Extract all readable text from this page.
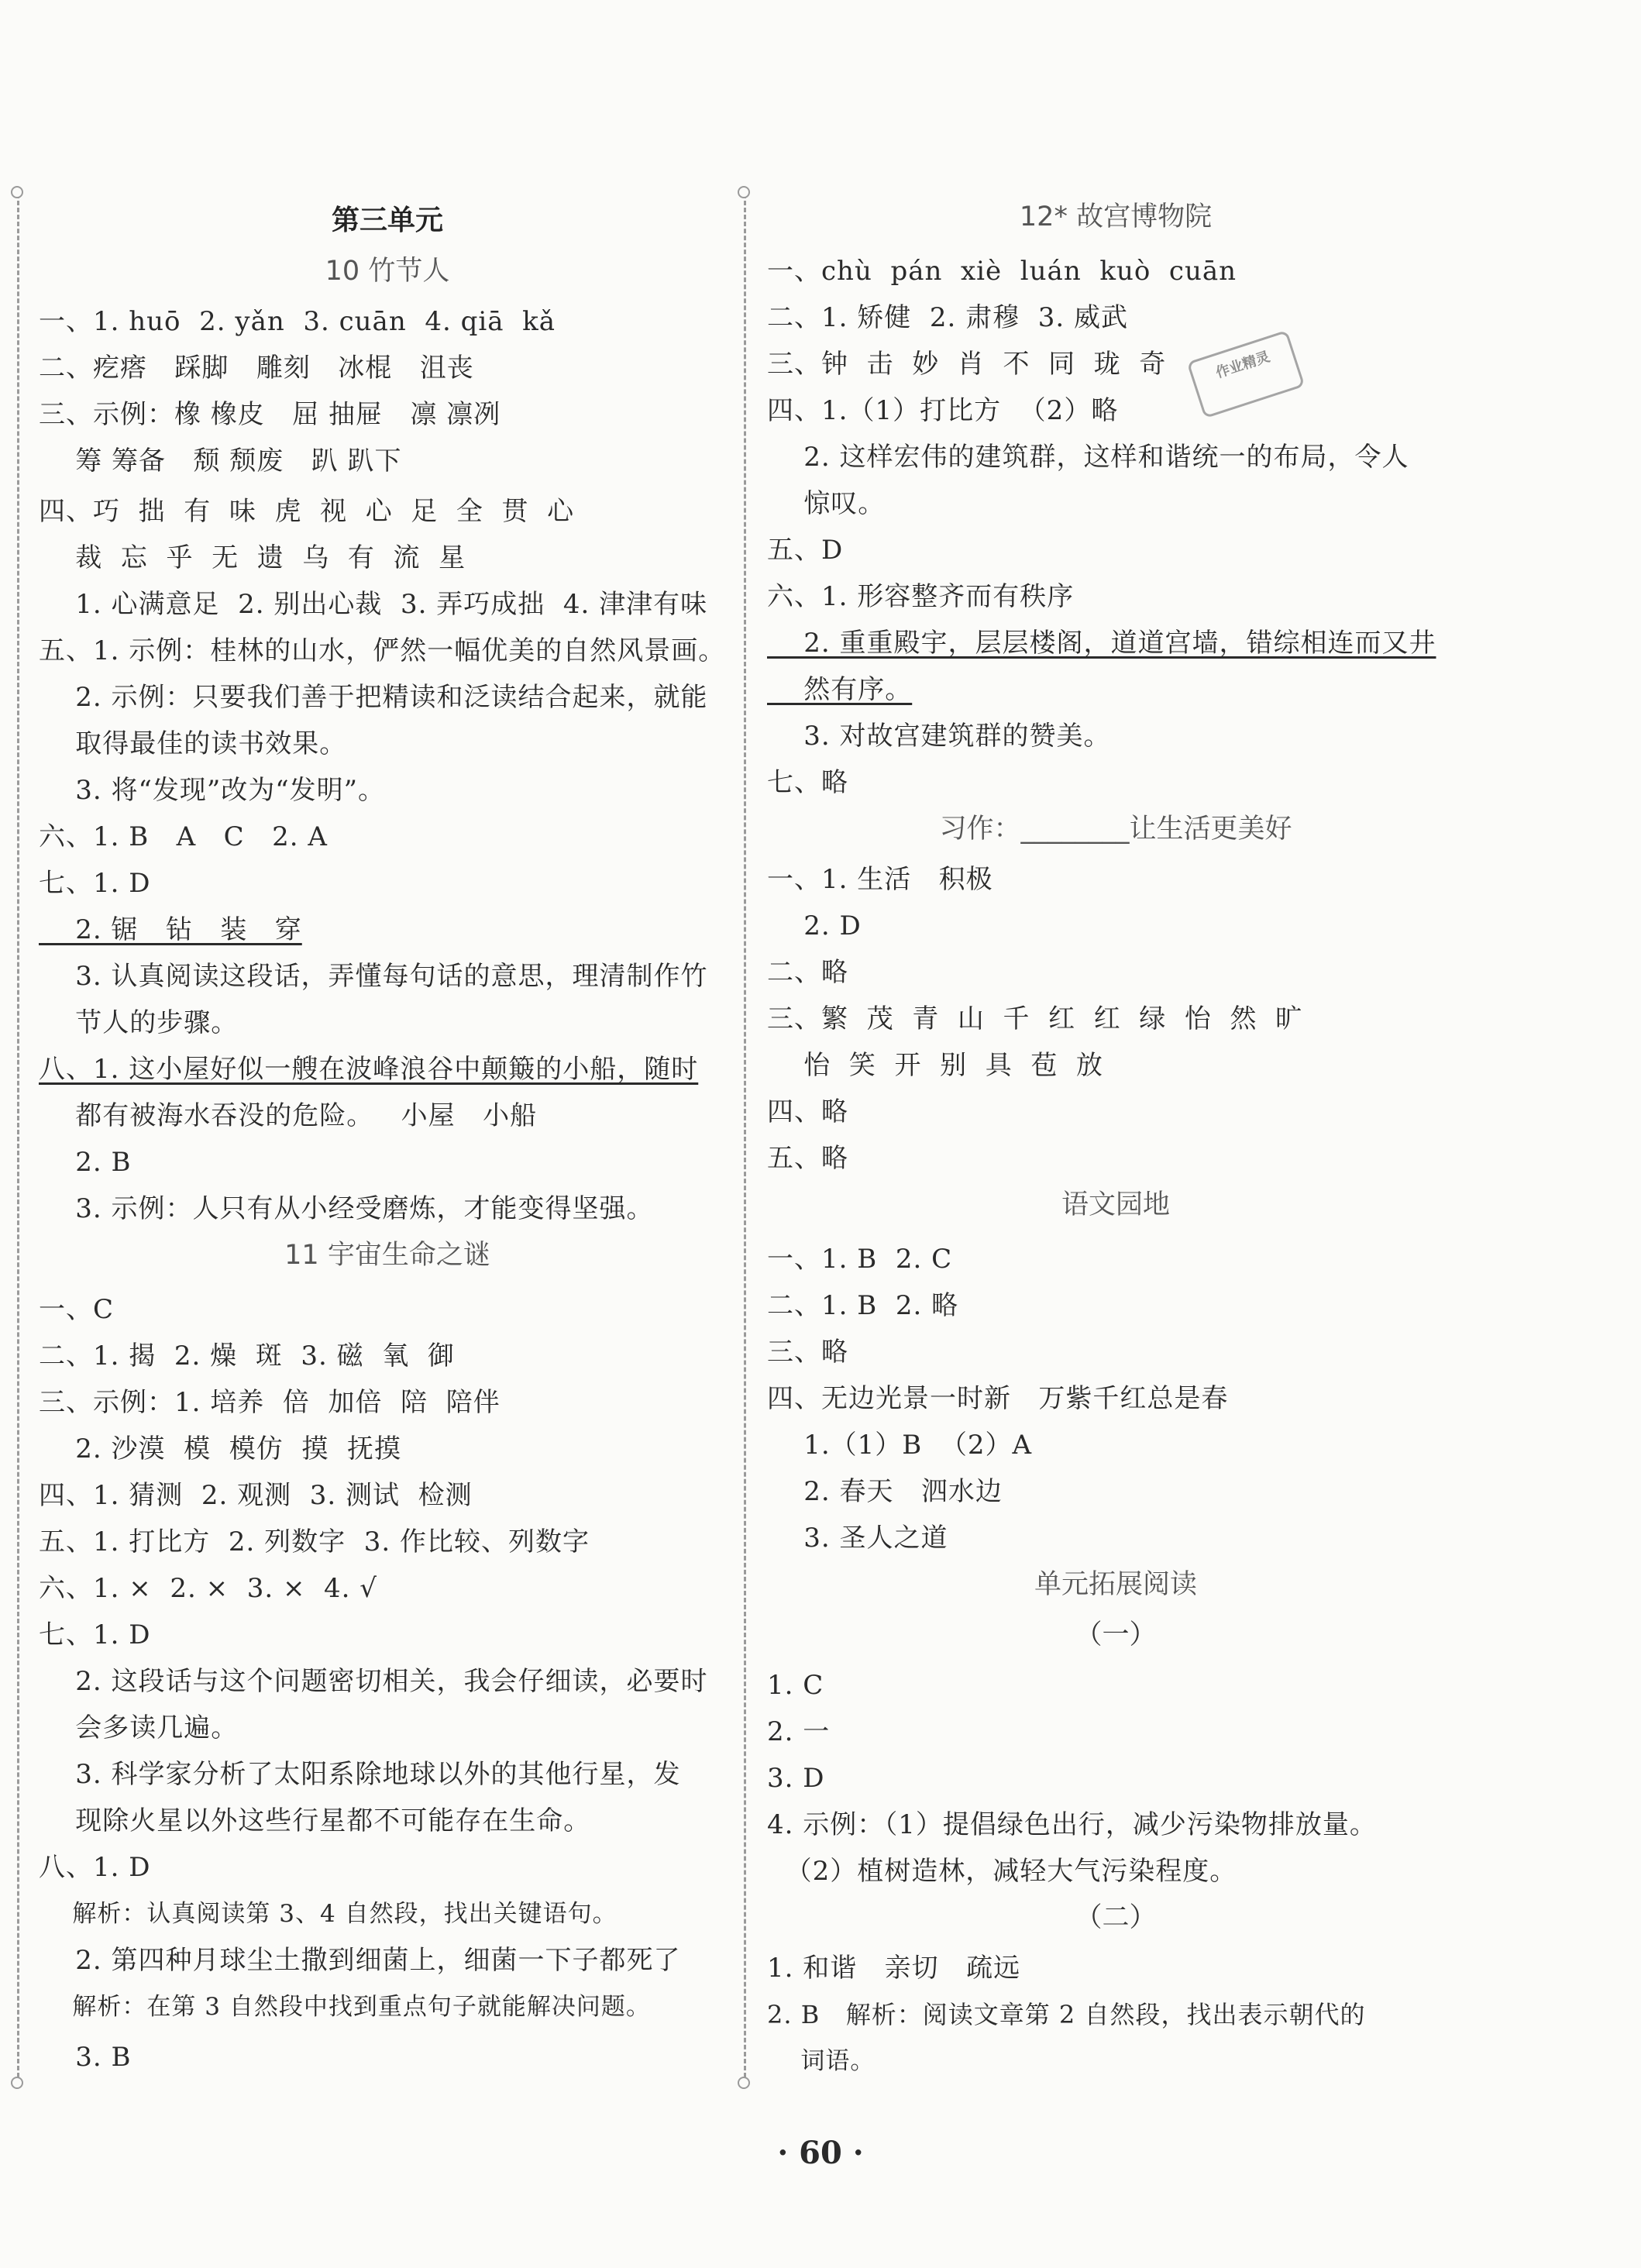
第三单元
10 竹节人
一、1. huō  2. yǎn  3. cuān  4. qiā  kǎ
二、疙瘩   踩脚   雕刻   冰棍   沮丧
三、示例：橡 橡皮   屈 抽屉   凛 凛冽
筹 筹备   颓 颓废   趴 趴下
四、巧  拙  有  味  虎  视  心  足  全  贯  心
裁  忘  乎  无  遗  乌  有  流  星
1. 心满意足  2. 别出心裁  3. 弄巧成拙  4. 津津有味
五、1. 示例：桂林的山水，俨然一幅优美的自然风景画。
2. 示例：只要我们善于把精读和泛读结合起来，就能
取得最佳的读书效果。
3. 将“发现”改为“发明”。
六、1. B   A   C   2. A
七、1. D
2. 锯   钻   装   穿
3. 认真阅读这段话，弄懂每句话的意思，理清制作竹
节人的步骤。
八、1. 这小屋好似一艘在波峰浪谷中颠簸的小船，随时
都有被海水吞没的危险。   小屋   小船
2. B
3. 示例：人只有从小经受磨炼，才能变得坚强。
11 宇宙生命之谜
一、C
二、1. 揭  2. 燥  斑  3. 磁  氧  御
三、示例：1. 培养  倍  加倍  陪  陪伴
2. 沙漠  模  模仿  摸  抚摸
四、1. 猜测  2. 观测  3. 测试  检测
五、1. 打比方  2. 列数字  3. 作比较、列数字
六、1. ×  2. ×  3. ×  4. √
七、1. D
2. 这段话与这个问题密切相关，我会仔细读，必要时
会多读几遍。
3. 科学家分析了太阳系除地球以外的其他行星，发
现除火星以外这些行星都不可能存在生命。
八、1. D
解析：认真阅读第 3、4 自然段，找出关键语句。
2. 第四种月球尘土撒到细菌上，细菌一下子都死了
解析：在第 3 自然段中找到重点句子就能解决问题。
3. B
12* 故宫博物院
一、chù  pán  xiè  luán  kuò  cuān
二、1. 矫健  2. 肃穆  3. 威武
三、钟  击  妙  肖  不  同  珑  奇
四、1.（1）打比方  （2）略
2. 这样宏伟的建筑群，这样和谐统一的布局，令人
惊叹。
五、D
六、1. 形容整齐而有秩序
2. 重重殿宇，层层楼阁，道道宫墙，错综相连而又井
然有序。
3. 对故宫建筑群的赞美。
七、略
习作：________让生活更美好
一、1. 生活   积极
2. D
二、略
三、繁  茂  青  山  千  红  红  绿  怡  然  旷
怡  笑  开  别  具  苞  放
四、略
五、略
语文园地
一、1. B  2. C
二、1. B  2. 略
三、略
四、无边光景一时新   万紫千红总是春
1.（1）B  （2）A
2. 春天   泗水边
3. 圣人之道
单元拓展阅读
（一）
1. C
2. 一
3. D
4. 示例：（1）提倡绿色出行，减少污染物排放量。
（2）植树造林，减轻大气污染程度。
（二）
1. 和谐   亲切   疏远
2. B   解析：阅读文章第 2 自然段，找出表示朝代的
词语。
作业精灵
· 60 ·
